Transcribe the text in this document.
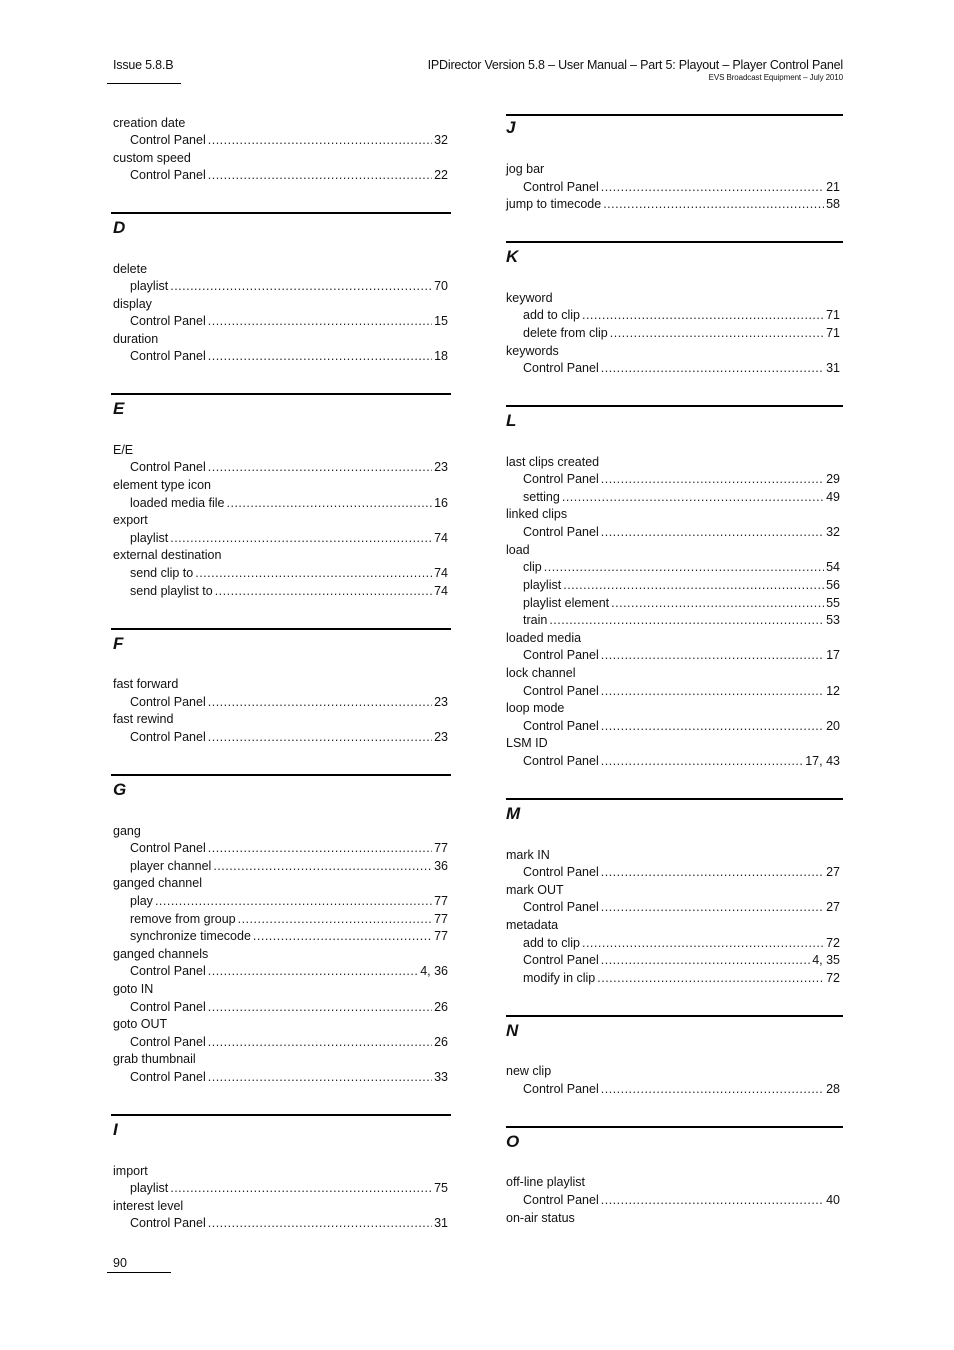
Issue 5.8.B	IPDirector Version 5.8 – User Manual – Part 5: Playout – Player Control Panel
EVS Broadcast Equipment – July 2010
creation date
Control Panel .....	32
custom speed
Control Panel .....	22
D
delete
playlist .....	70
display
Control Panel .....	15
duration
Control Panel .....	18
E
E/E
Control Panel .....	23
element type icon
loaded media file .....	16
export
playlist .....	74
external destination
send clip to .....	74
send playlist to .....	74
F
fast forward
Control Panel .....	23
fast rewind
Control Panel .....	23
G
gang
Control Panel .....	77
player channel .....	36
ganged channel
play .....	77
remove from group .....	77
synchronize timecode .....	77
ganged channels
Control Panel .....	4, 36
goto IN
Control Panel .....	26
goto OUT
Control Panel .....	26
grab thumbnail
Control Panel .....	33
I
import
playlist .....	75
interest level
Control Panel .....	31
J
jog bar
Control Panel .....	21
jump to timecode .....	58
K
keyword
add to clip .....	71
delete from clip .....	71
keywords
Control Panel .....	31
L
last clips created
Control Panel .....	29
setting .....	49
linked clips
Control Panel .....	32
load
clip .....	54
playlist .....	56
playlist element .....	55
train .....	53
loaded media
Control Panel .....	17
lock channel
Control Panel .....	12
loop mode
Control Panel .....	20
LSM ID
Control Panel .....	17, 43
M
mark IN
Control Panel .....	27
mark OUT
Control Panel .....	27
metadata
add to clip .....	72
Control Panel .....	4, 35
modify in clip .....	72
N
new clip
Control Panel .....	28
O
off-line playlist
Control Panel .....	40
on-air status
90
